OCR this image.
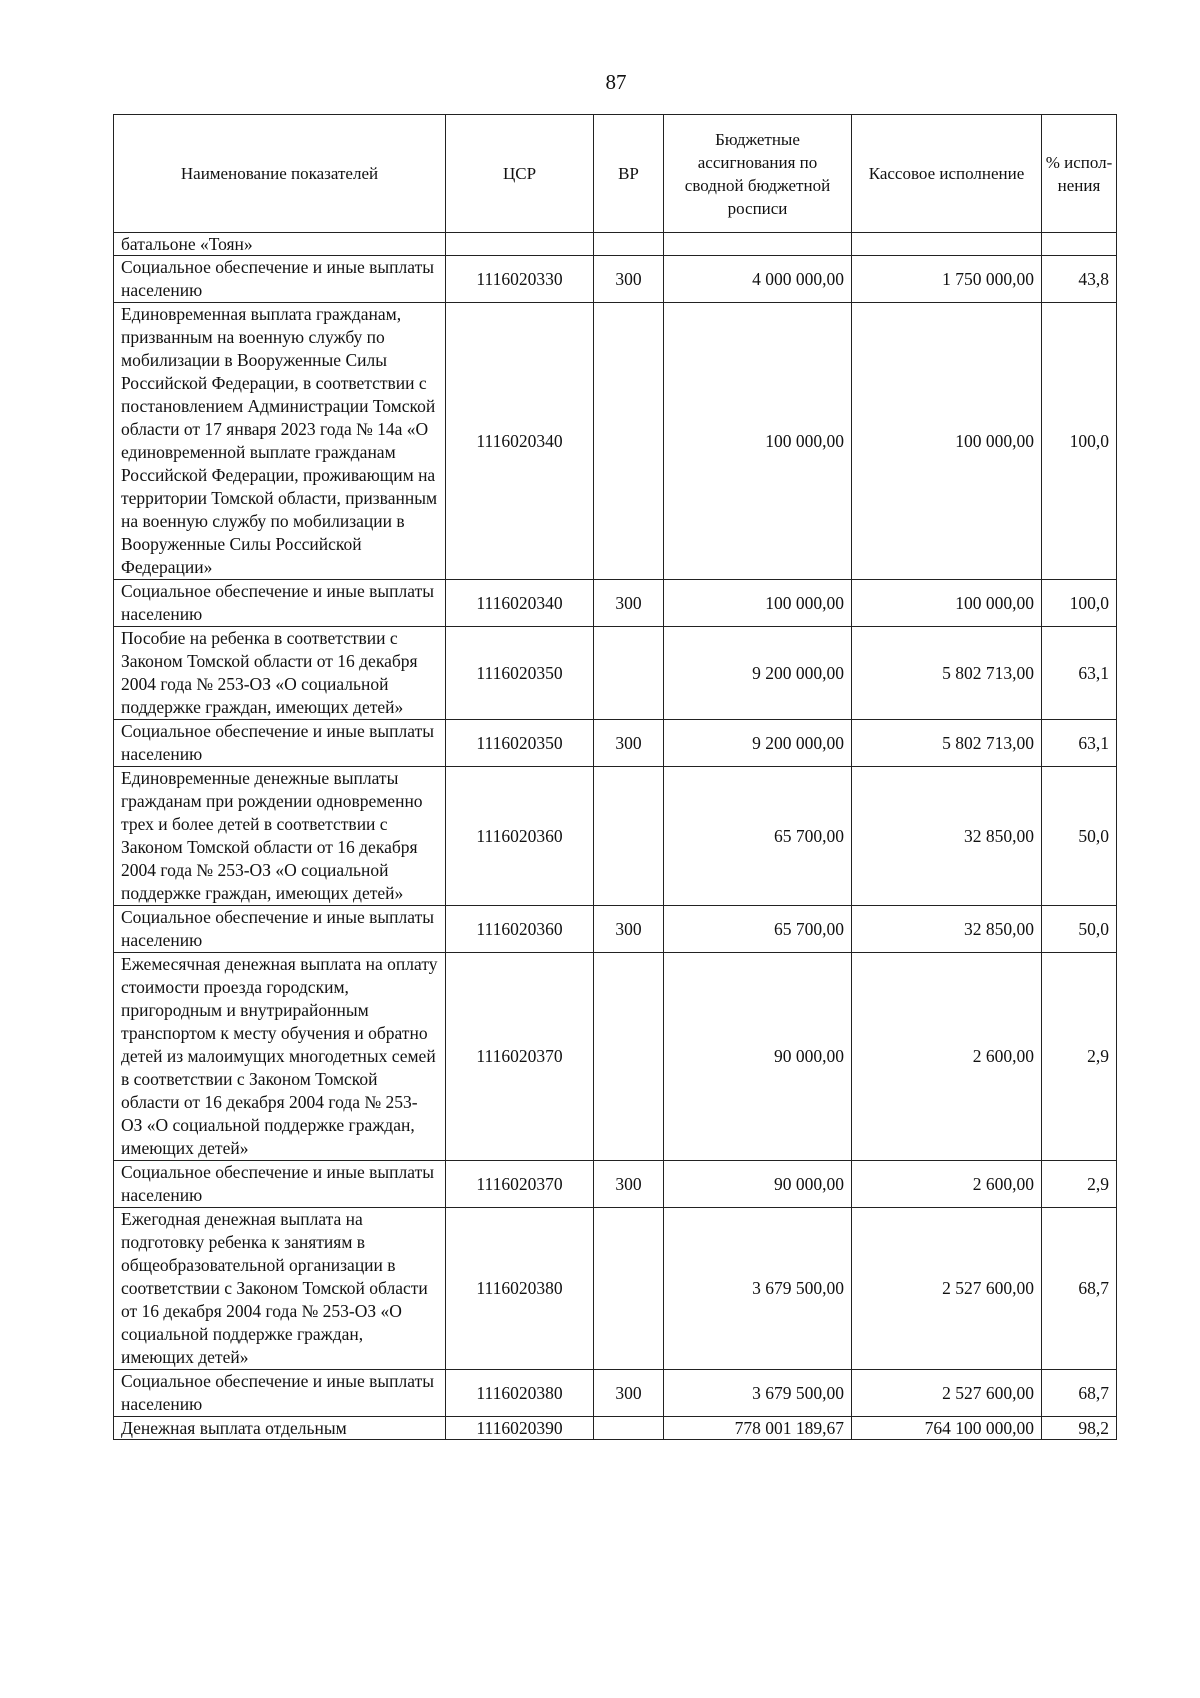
87
Наименование показателей	ЦСР	ВР	Бюджетные ассигнования по сводной бюджетной росписи	Кассовое исполнение	% испол-нения
батальоне «Тоян»					
Социальное обеспечение и иные выплаты населению	1116020330	300	4 000 000,00	1 750 000,00	43,8
Единовременная выплата гражданам, призванным на военную службу по мобилизации в Вооруженные Силы Российской Федерации, в соответствии с постановлением Администрации Томской области от 17 января 2023 года № 14а «О единовременной выплате гражданам Российской Федерации, проживающим на территории Томской области, призванным на военную службу по мобилизации в Вооруженные Силы Российской Федерации»	1116020340		100 000,00	100 000,00	100,0
Социальное обеспечение и иные выплаты населению	1116020340	300	100 000,00	100 000,00	100,0
Пособие на ребенка в соответствии с Законом Томской области от 16 декабря 2004 года № 253-ОЗ «О социальной поддержке граждан, имеющих детей»	1116020350		9 200 000,00	5 802 713,00	63,1
Социальное обеспечение и иные выплаты населению	1116020350	300	9 200 000,00	5 802 713,00	63,1
Единовременные денежные выплаты гражданам при рождении одновременно трех и более детей в соответствии с Законом Томской области от 16 декабря 2004 года № 253-ОЗ «О социальной поддержке граждан, имеющих детей»	1116020360		65 700,00	32 850,00	50,0
Социальное обеспечение и иные выплаты населению	1116020360	300	65 700,00	32 850,00	50,0
Ежемесячная денежная выплата на оплату стоимости проезда городским, пригородным и внутрирайонным транспортом к месту обучения и обратно детей из малоимущих многодетных семей в соответствии с Законом Томской области от 16 декабря 2004 года № 253-ОЗ «О социальной поддержке граждан, имеющих детей»	1116020370		90 000,00	2 600,00	2,9
Социальное обеспечение и иные выплаты населению	1116020370	300	90 000,00	2 600,00	2,9
Ежегодная денежная выплата на подготовку ребенка к занятиям в общеобразовательной организации в соответствии с Законом Томской области от 16 декабря 2004 года № 253-ОЗ «О социальной поддержке граждан, имеющих детей»	1116020380		3 679 500,00	2 527 600,00	68,7
Социальное обеспечение и иные выплаты населению	1116020380	300	3 679 500,00	2 527 600,00	68,7
Денежная выплата отдельным	1116020390		778 001 189,67	764 100 000,00	98,2
